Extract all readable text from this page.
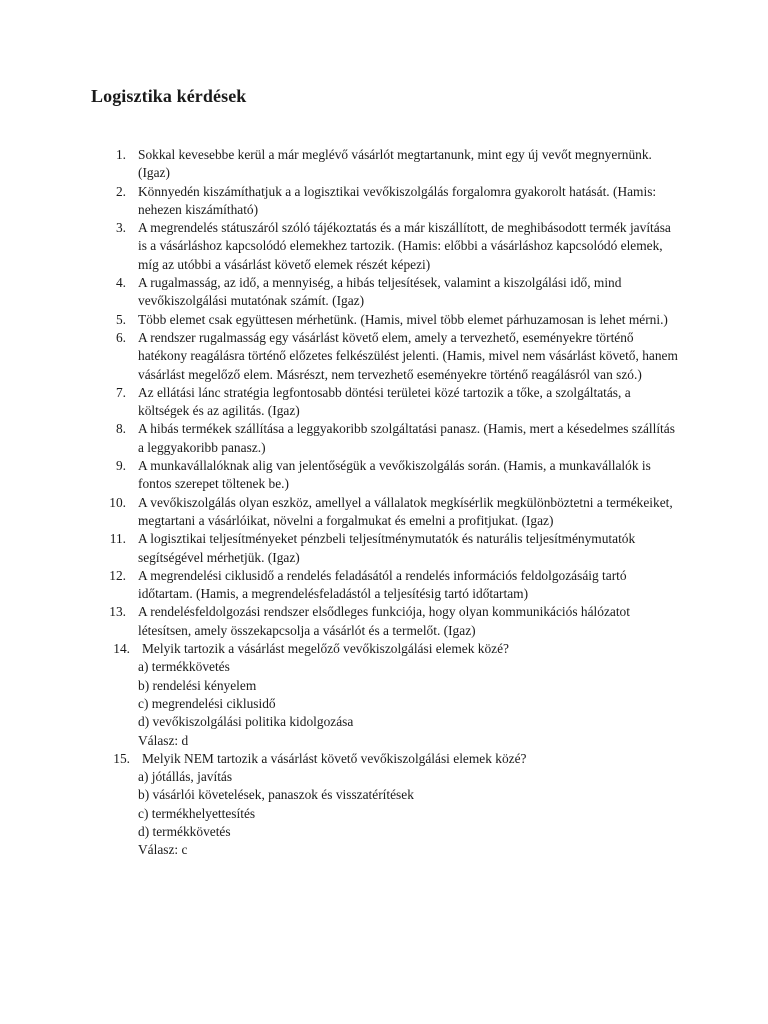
Logisztika kérdések
1. Sokkal kevesebbe kerül a már meglévő vásárlót megtartanunk, mint egy új vevőt megnyernünk. (Igaz)
2. Könnyedén kiszámíthatjuk a a logisztikai vevőkiszolgálás forgalomra gyakorolt hatását. (Hamis: nehezen kiszámítható)
3. A megrendelés státuszáról szóló tájékoztatás és a már kiszállított, de meghibásodott termék javítása is a vásárláshoz kapcsolódó elemekhez tartozik. (Hamis: előbbi a vásárláshoz kapcsolódó elemek, míg az utóbbi a vásárlást követő elemek részét képezi)
4. A rugalmasság, az idő, a mennyiség, a hibás teljesítések, valamint a kiszolgálási idő, mind vevőkiszolgálási mutatónak számít. (Igaz)
5. Több elemet csak együttesen mérhetünk. (Hamis, mivel több elemet párhuzamosan is lehet mérni.)
6. A rendszer rugalmasság egy vásárlást követő elem, amely a tervezhető, eseményekre történő hatékony reagálásra történő előzetes felkészülést jelenti. (Hamis, mivel nem vásárlást követő, hanem vásárlást megelőző elem. Másrészt, nem tervezhető eseményekre történő reagálásról van szó.)
7. Az ellátási lánc stratégia legfontosabb döntési területei közé tartozik a tőke, a szolgáltatás, a költségek és az agilitás. (Igaz)
8. A hibás termékek szállítása a leggyakoribb szolgáltatási panasz. (Hamis, mert a késedelmes szállítás a leggyakoribb panasz.)
9. A munkavállalóknak alig van jelentőségük a vevőkiszolgálás során. (Hamis, a munkavállalók is fontos szerepet töltenek be.)
10. A vevőkiszolgálás olyan eszköz, amellyel a vállalatok megkísérlik megkülönböztetni a termékeiket, megtartani a vásárlóikat, növelni a forgalmukat és emelni a profitjukat. (Igaz)
11. A logisztikai teljesítményeket pénzbeli teljesítménymutatók és naturális teljesítménymutatók segítségével mérhetjük. (Igaz)
12. A megrendelési ciklusidő a rendelés feladásától a rendelés információs feldolgozásáig tartó időtartam. (Hamis, a megrendelésfeladástól a teljesítésig tartó időtartam)
13. A rendelésfeldolgozási rendszer elsődleges funkciója, hogy olyan kommunikációs hálózatot létesítsen, amely összekapcsolja a vásárlót és a termelőt. (Igaz)
14. Melyik tartozik a vásárlást megelőző vevőkiszolgálási elemek közé?
a) termékkövetés
b) rendelési kényelem
c) megrendelési ciklusidő
d) vevőkiszolgálási politika kidolgozása
Válasz: d
15. Melyik NEM tartozik a vásárlást követő vevőkiszolgálási elemek közé?
a) jótállás, javítás
b) vásárlói követelések, panaszok és visszatérítések
c) termékhelyettesítés
d) termékkövetés
Válasz: c
